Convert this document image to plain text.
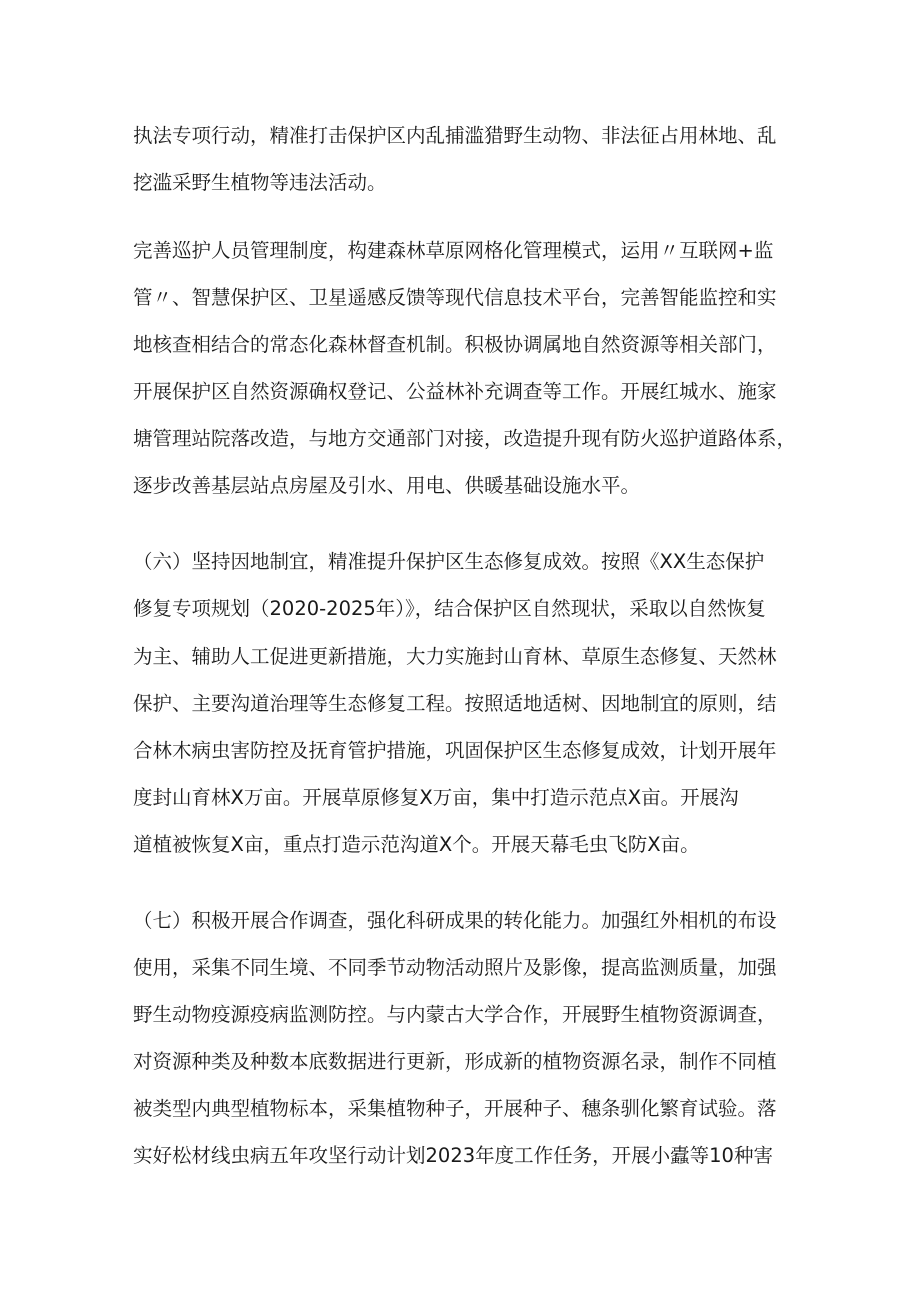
执法专项行动，精准打击保护区内乱捕滥猎野生动物、非法征占用林地、乱

挖滥采野生植物等违法活动。

完善巡护人员管理制度，构建森林草原网格化管理模式，运用〃互联网+监

管〃、智慧保护区、卫星遥感反馈等现代信息技术平台，完善智能监控和实

地核查相结合的常态化森林督查机制。积极协调属地自然资源等相关部门，

开展保护区自然资源确权登记、公益林补充调查等工作。开展红城水、施家

塘管理站院落改造，与地方交通部门对接，改造提升现有防火巡护道路体系，

逐步改善基层站点房屋及引水、用电、供暖基础设施水平。

（六）坚持因地制宜，精准提升保护区生态修复成效。按照《XX生态保护

修复专项规划（2020-2025年）》，结合保护区自然现状，采取以自然恢复

为主、辅助人工促进更新措施，大力实施封山育林、草原生态修复、天然林

保护、主要沟道治理等生态修复工程。按照适地适树、因地制宜的原则，结

合林木病虫害防控及抚育管护措施，巩固保护区生态修复成效，计划开展年

度封山育林X万亩。开展草原修复X万亩，集中打造示范点X亩。开展沟

道植被恢复X亩，重点打造示范沟道X个。开展天幕毛虫飞防X亩。

（七）积极开展合作调查，强化科研成果的转化能力。加强红外相机的布设

使用，采集不同生境、不同季节动物活动照片及影像，提高监测质量，加强

野生动物疫源疫病监测防控。与内蒙古大学合作，开展野生植物资源调查，

对资源种类及种数本底数据进行更新，形成新的植物资源名录，制作不同植

被类型内典型植物标本，采集植物种子，开展种子、穗条驯化繁育试验。落

实好松材线虫病五年攻坚行动计划2023年度工作任务，开展小蠹等10种害
